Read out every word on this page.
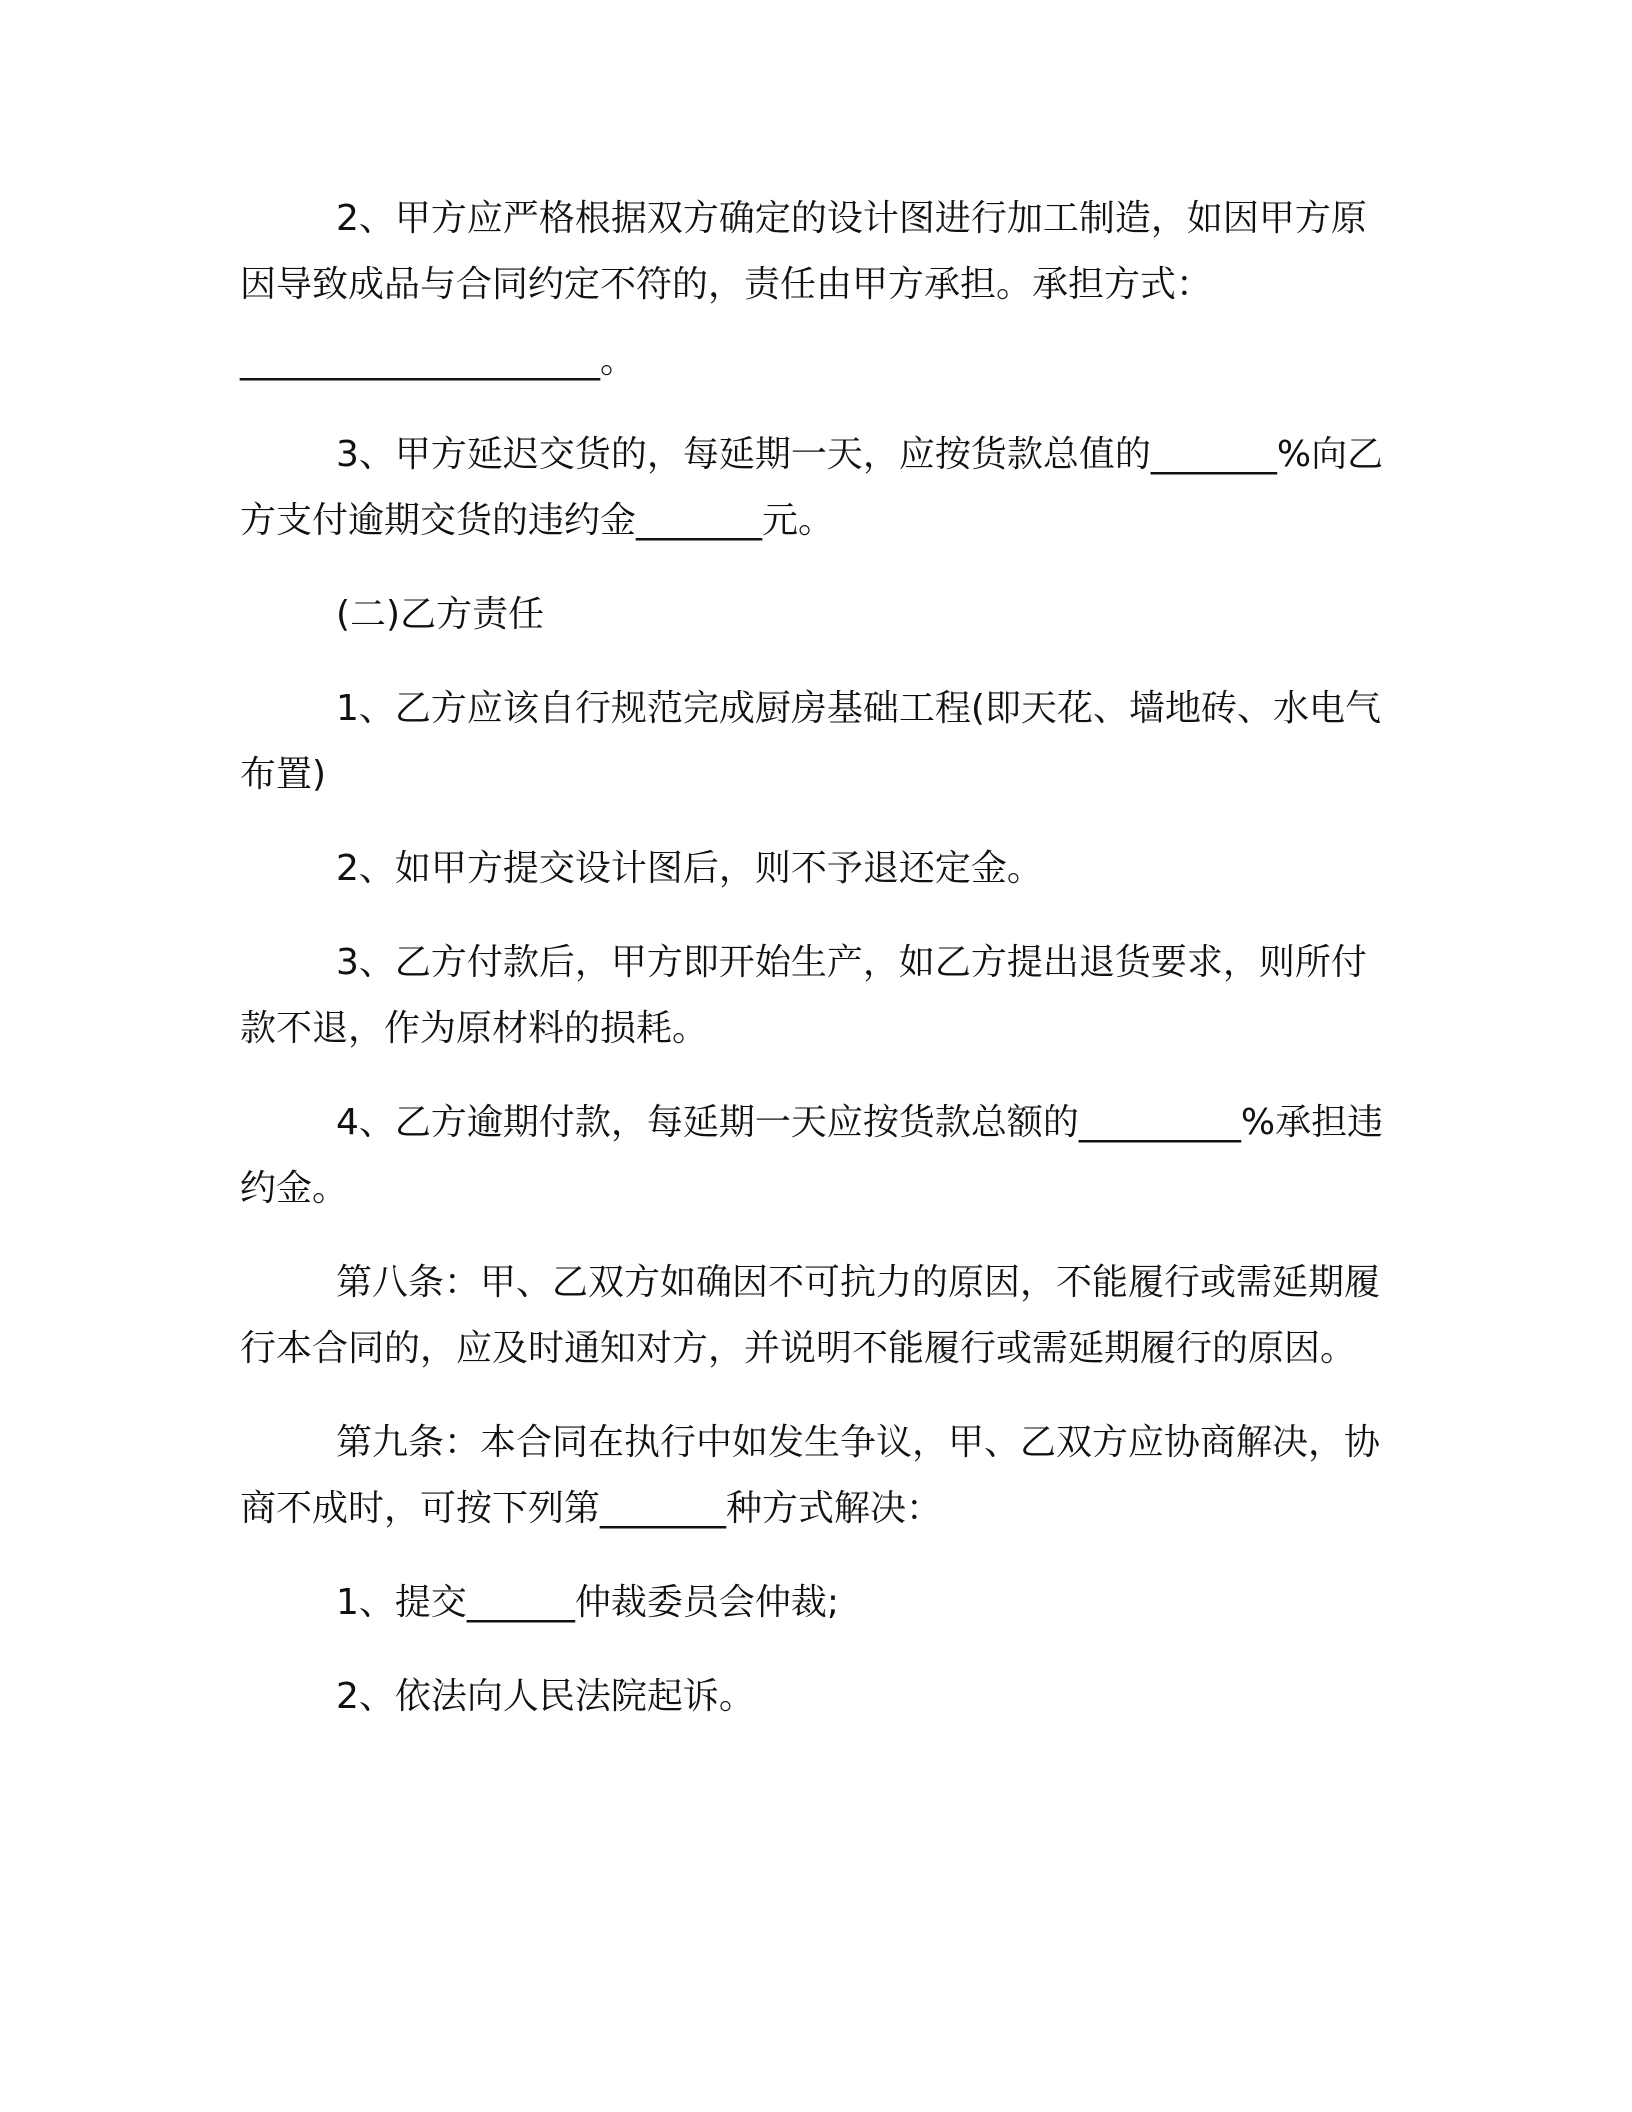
2、甲方应严格根据双方确定的设计图进行加工制造，如因甲方原因导致成品与合同约定不符的，责任由甲方承担。承担方式：

____________________。

3、甲方延迟交货的，每延期一天，应按货款总值的_______%向乙方支付逾期交货的违约金_______元。

(二)乙方责任

1、乙方应该自行规范完成厨房基础工程(即天花、墙地砖、水电气布置)

2、如甲方提交设计图后，则不予退还定金。

3、乙方付款后，甲方即开始生产，如乙方提出退货要求，则所付款不退，作为原材料的损耗。

4、乙方逾期付款，每延期一天应按货款总额的_________%承担违约金。

第八条：甲、乙双方如确因不可抗力的原因，不能履行或需延期履行本合同的，应及时通知对方，并说明不能履行或需延期履行的原因。

第九条：本合同在执行中如发生争议，甲、乙双方应协商解决，协商不成时，可按下列第_______种方式解决：

1、提交______仲裁委员会仲裁;

2、依法向人民法院起诉。
